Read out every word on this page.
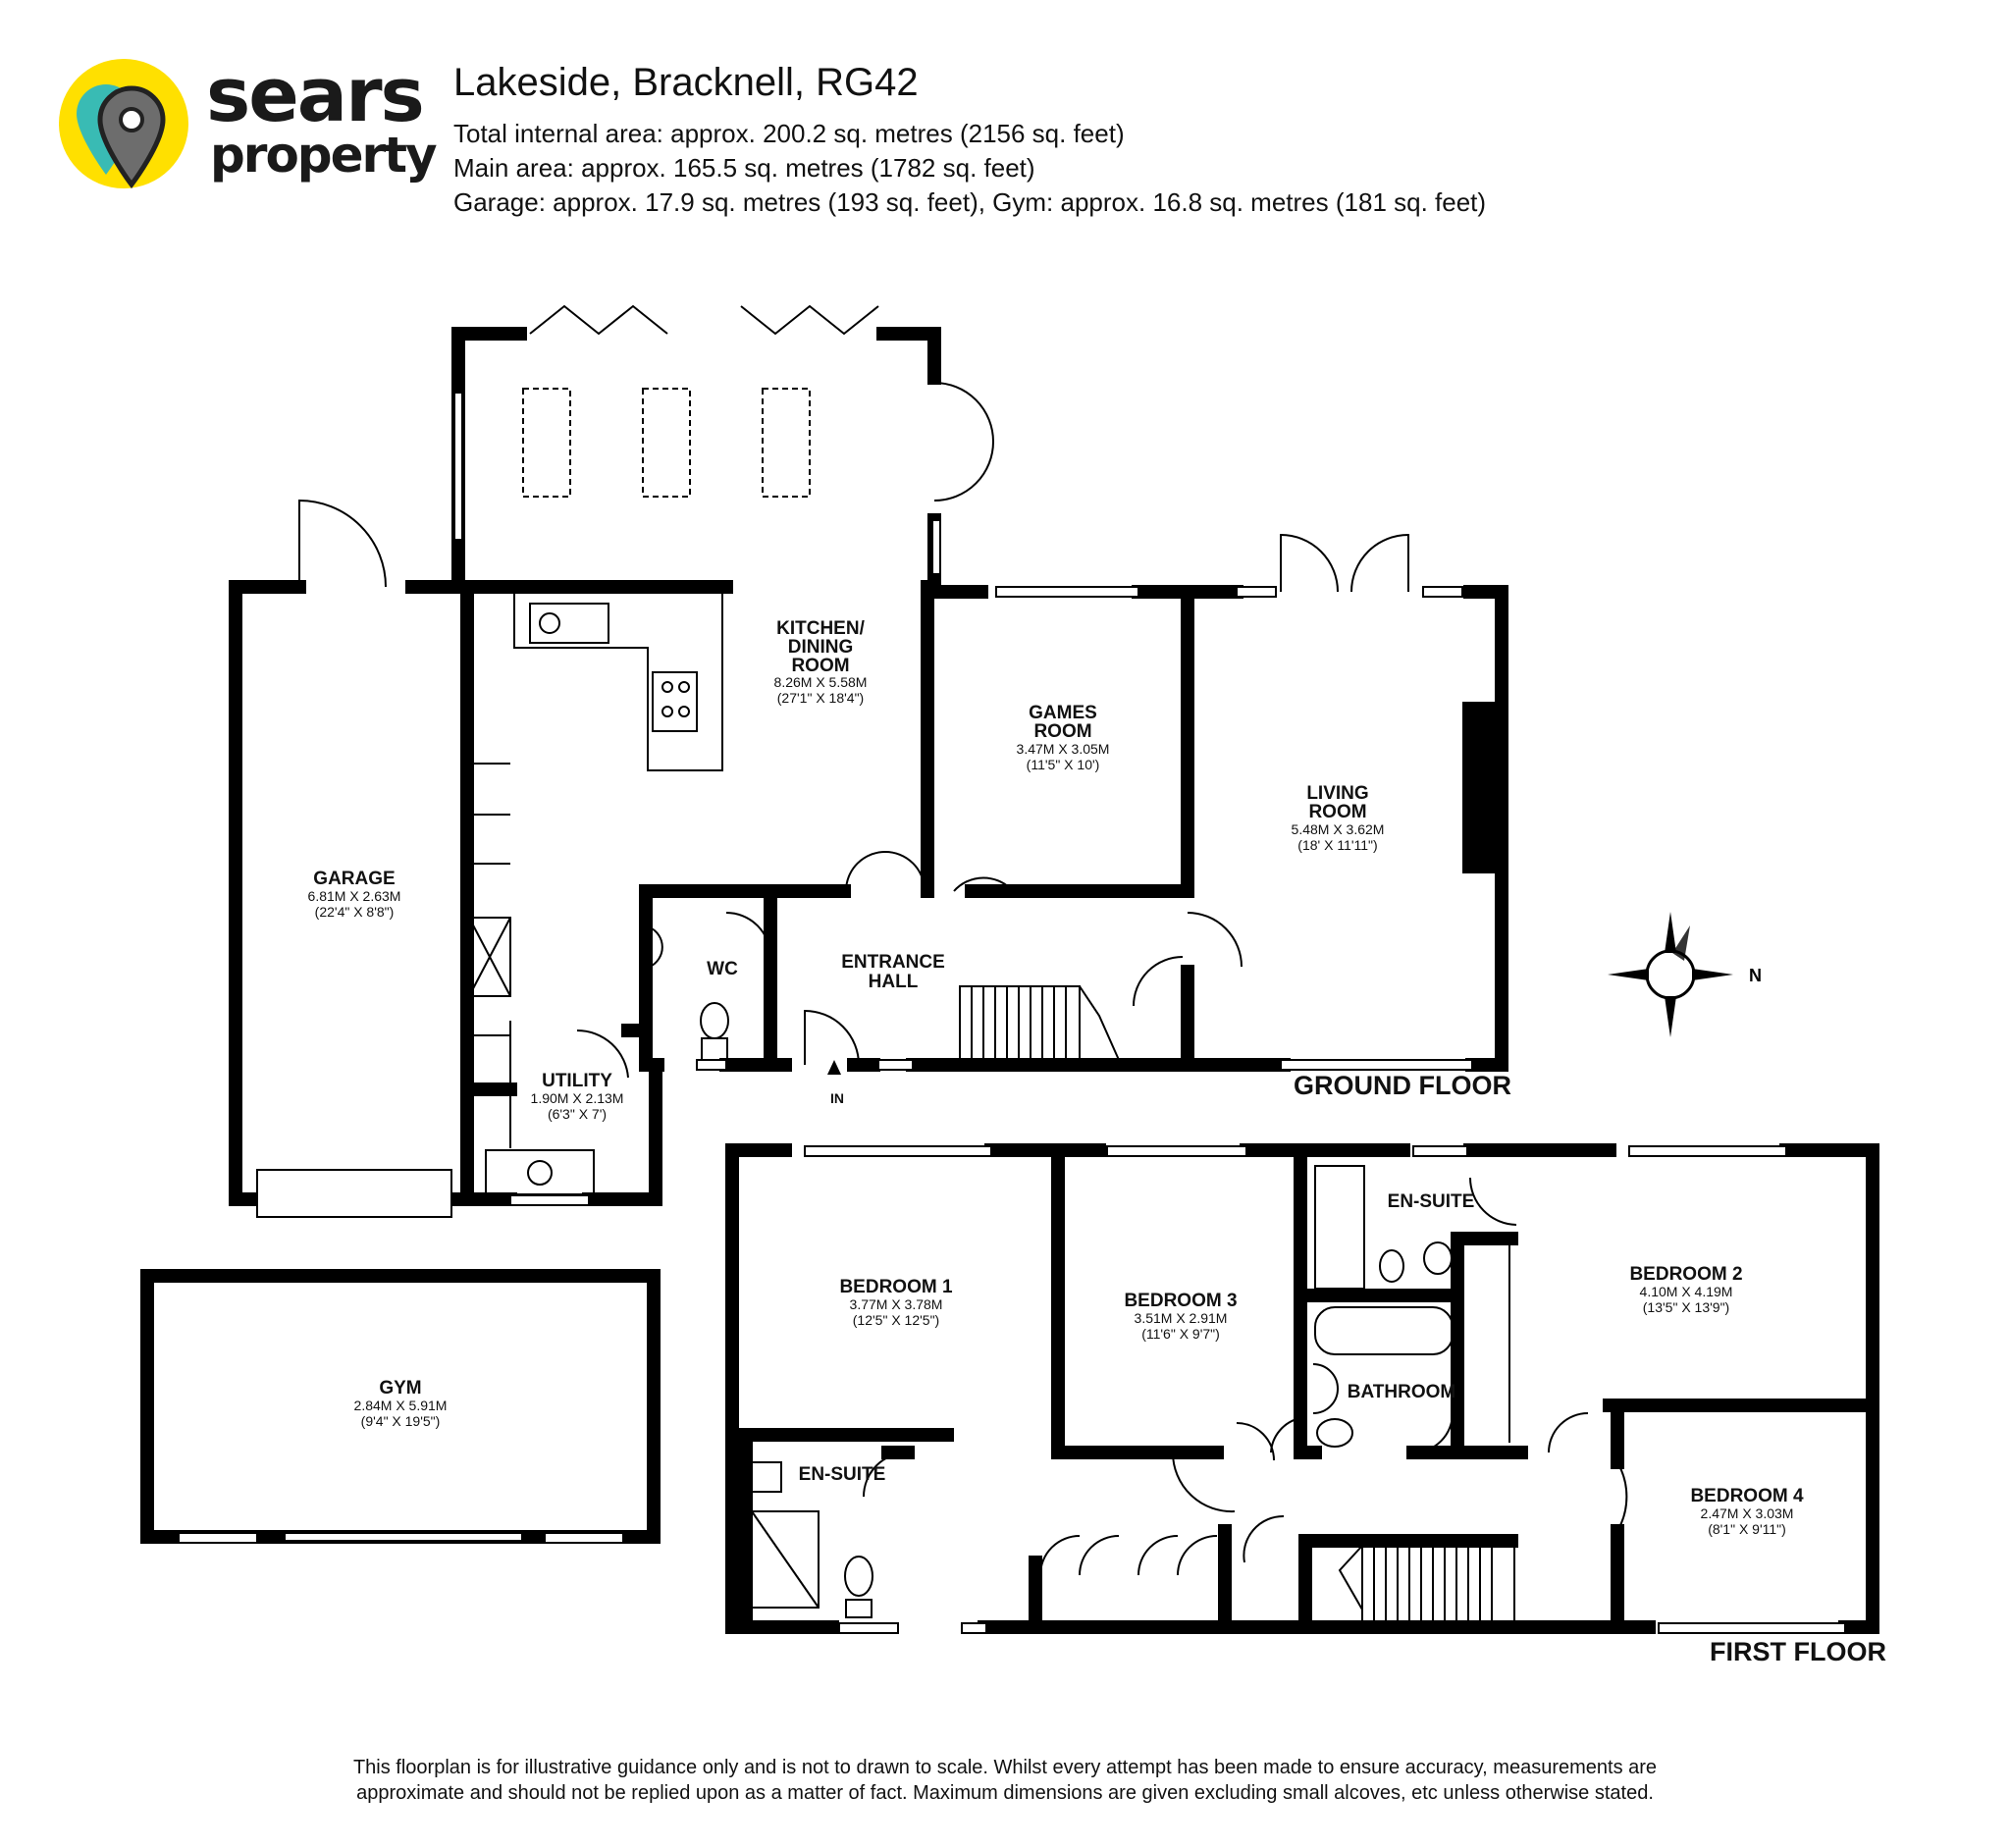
sears
property
Lakeside, Bracknell, RG42
Total internal area: approx. 200.2 sq. metres (2156 sq. feet)
Main area: approx. 165.5 sq. metres (1782 sq. feet)
Garage: approx. 17.9 sq. metres (193 sq. feet), Gym: approx. 16.8 sq. metres (181 sq. feet)
N
KITCHEN/
DINING
ROOM
8.26M X 5.58M
(27'1" X 18'4")
GAMES
ROOM
3.47M X 3.05M
(11'5" X 10')
LIVING
ROOM
5.48M X 3.62M
(18' X 11'11")
GARAGE
6.81M X 2.63M
(22'4" X 8'8")
WC	ENTRANCE
HALL
IN
UTILITY
1.90M X 2.13M
(6'3" X 7')
GYM
2.84M X 5.91M
(9'4" X 19'5")
BEDROOM 1
3.77M X 3.78M
(12'5" X 12'5")
BEDROOM 3
3.51M X 2.91M
(11'6" X 9'7")
EN-SUITE
BEDROOM 2
4.10M X 4.19M
(13'5" X 13'9")
BATHROOM
EN-SUITE
BEDROOM 4
2.47M X 3.03M
(8'1" X 9'11")
GROUND FLOOR
FIRST FLOOR
This floorplan is for illustrative guidance only and is not to drawn to scale. Whilst every attempt has been made to ensure accuracy, measurements are
approximate and should not be replied upon as a matter of fact. Maximum dimensions are given excluding small alcoves, etc unless otherwise stated.
